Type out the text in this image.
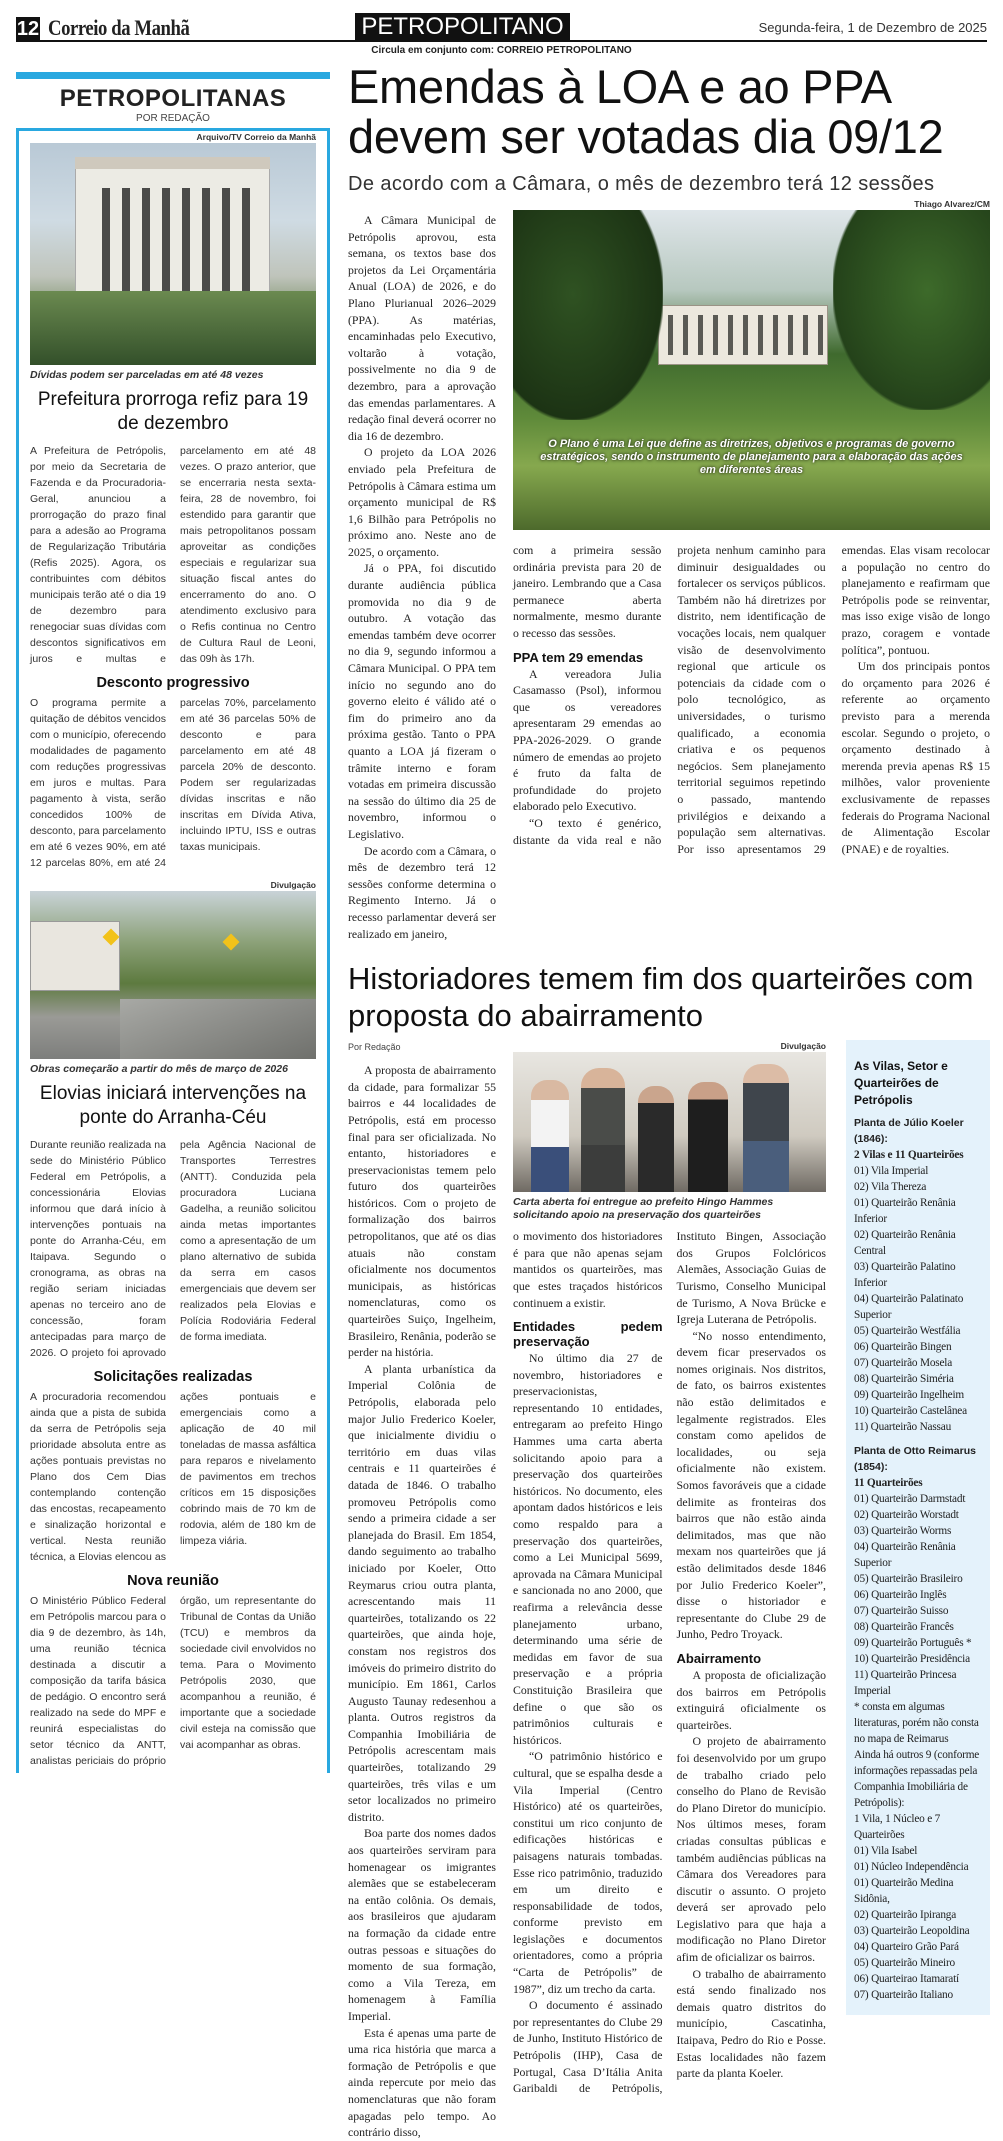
12 Correio da Manhã	PETROPOLITANO	Segunda-feira, 1 de Dezembro de 2025
Circula em conjunto com: CORREIO PETROPOLITANO
PETROPOLITANAS
POR REDAÇÃO
Arquivo/TV Correio da Manhã
Dívidas podem ser parceladas em até 48 vezes
Prefeitura prorroga refiz para 19 de dezembro

A Prefeitura de Petrópolis, por meio da Secretaria de Fazenda e da Procuradoria-Geral, anunciou a prorrogação do prazo final para a adesão ao Programa de Regularização Tributária (Refis 2025). Agora, os contribuintes com débitos municipais terão até o dia 19 de dezembro para renegociar suas dívidas com descontos significativos em juros e multas e parcelamento em até 48 vezes. O prazo anterior, que se encerraria nesta sexta-feira, 28 de novembro, foi estendido para garantir que mais petropolitanos possam aproveitar as condições especiais e regularizar sua situação fiscal antes do encerramento do ano. O atendimento exclusivo para o Refis continua no Centro de Cultura Raul de Leoni, das 09h às 17h.

Desconto progressivo

O programa permite a quitação de débitos vencidos com o município, oferecendo modalidades de pagamento com reduções progressivas em juros e multas. Para pagamento à vista, serão concedidos 100% de desconto, para parcelamento em até 6 vezes 90%, em até 12 parcelas 80%, em até 24 parcelas 70%, parcelamento em até 36 parcelas 50% de desconto e para parcelamento em até 48 parcela 20% de desconto. Podem ser regularizadas dívidas inscritas e não inscritas em Dívida Ativa, incluindo IPTU, ISS e outras taxas municipais.

Divulgação
Obras começarão a partir do mês de março de 2026
Elovias iniciará intervenções na ponte do Arranha-Céu

Durante reunião realizada na sede do Ministério Público Federal em Petrópolis, a concessionária Elovias informou que dará início à intervenções pontuais na ponte do Arranha-Céu, em Itaipava. Segundo o cronograma, as obras na região seriam iniciadas apenas no terceiro ano de concessão, foram antecipadas para março de 2026. O projeto foi aprovado pela Agência Nacional de Transportes Terrestres (ANTT). Conduzida pela procuradora Luciana Gadelha, a reunião solicitou ainda metas importantes como a apresentação de um plano alternativo de subida da serra em casos emergenciais que devem ser realizados pela Elovias e Polícia Rodoviária Federal de forma imediata.

Solicitações realizadas

A procuradoria recomendou ainda que a pista de subida da serra de Petrópolis seja prioridade absoluta entre as ações pontuais previstas no Plano dos Cem Dias contemplando contenção das encostas, recapeamento e sinalização horizontal e vertical. Nesta reunião técnica, a Elovias elencou as ações pontuais e emergenciais como a aplicação de 40 mil toneladas de massa asfáltica para reparos e nivelamento de pavimentos em trechos críticos em 15 disposições cobrindo mais de 70 km de rodovia, além de 180 km de limpeza viária.

Nova reunião

O Ministério Público Federal em Petrópolis marcou para o dia 9 de dezembro, às 14h, uma reunião técnica destinada a discutir a composição da tarifa básica de pedágio. O encontro será realizado na sede do MPF e reunirá especialistas do setor técnico da ANTT, analistas periciais do próprio órgão, um representante do Tribunal de Contas da União (TCU) e membros da sociedade civil envolvidos no tema. Para o Movimento Petrópolis 2030, que acompanhou a reunião, é importante que a sociedade civil esteja na comissão que vai acompanhar as obras.

Emendas à LOA e ao PPA devem ser votadas dia 09/12
De acordo com a Câmara, o mês de dezembro terá 12 sessões

A Câmara Municipal de Petrópolis aprovou, esta semana, os textos base dos projetos da Lei Orçamentária Anual (LOA) de 2026, e do Plano Plurianual 2026–2029 (PPA). As matérias, encaminhadas pelo Executivo, voltarão à votação, possivelmente no dia 9 de dezembro, para a aprovação das emendas parlamentares. A redação final deverá ocorrer no dia 16 de dezembro.

O projeto da LOA 2026 enviado pela Prefeitura de Petrópolis à Câmara estima um orçamento municipal de R$ 1,6 Bilhão para Petrópolis no próximo ano. Neste ano de 2025, o orçamento.

Já o PPA, foi discutido durante audiência pública promovida no dia 9 de outubro. A votação das emendas também deve ocorrer no dia 9, segundo informou a Câmara Municipal. O PPA tem início no segundo ano do governo eleito é válido até o fim do primeiro ano da próxima gestão. Tanto o PPA quanto a LOA já fizeram o trâmite interno e foram votadas em primeira discussão na sessão do último dia 25 de novembro, informou o Legislativo.

De acordo com a Câmara, o mês de dezembro terá 12 sessões conforme determina o Regimento Interno. Já o recesso parlamentar deverá ser realizado em janeiro,

Thiago Alvarez/CM
O Plano é uma Lei que define as diretrizes, objetivos e programas de governo estratégicos, sendo o instrumento de planejamento para a elaboração das ações em diferentes áreas

com a primeira sessão ordinária prevista para 20 de janeiro. Lembrando que a Casa permanece aberta normalmente, mesmo durante o recesso das sessões.

PPA tem 29 emendas

A vereadora Julia Casamasso (Psol), informou que os vereadores apresentaram 29 emendas ao PPA-2026-2029. O grande número de emendas ao projeto é fruto da falta de profundidade do projeto elaborado pelo Executivo.

“O texto é genérico, distante da vida real e não projeta nenhum caminho para diminuir desigualdades ou fortalecer os serviços públicos. Também não há diretrizes por distrito, nem identificação de vocações locais, nem qualquer visão de desenvolvimento regional que articule os potenciais da cidade com o polo tecnológico, as universidades, o turismo qualificado, a economia criativa e os pequenos negócios. Sem planejamento territorial seguimos repetindo o passado, mantendo privilégios e deixando a população sem alternativas. Por isso apresentamos 29 emendas. Elas visam recolocar a população no centro do planejamento e reafirmam que Petrópolis pode se reinventar, mas isso exige visão de longo prazo, coragem e vontade política”, pontuou.

Um dos principais pontos do orçamento para 2026 é referente ao orçamento previsto para a merenda escolar. Segundo o projeto, o orçamento destinado à merenda previa apenas R$ 15 milhões, valor proveniente exclusivamente de repasses federais do Programa Nacional de Alimentação Escolar (PNAE) e de royalties.

Historiadores temem fim dos quarteirões com proposta do abairramento
Por Redação

A proposta de abairramento da cidade, para formalizar 55 bairros e 44 localidades de Petrópolis, está em processo final para ser oficializada. No entanto, historiadores e preservacionistas temem pelo futuro dos quarteirões históricos. Com o projeto de formalização dos bairros petropolitanos, que até os dias atuais não constam oficialmente nos documentos municipais, as históricas nomenclaturas, como os quarteirões Suiço, Ingelheim, Brasileiro, Renânia, poderão se perder na história.

A planta urbanística da Imperial Colônia de Petrópolis, elaborada pelo major Julio Frederico Koeler, que inicialmente dividiu o território em duas vilas centrais e 11 quarteirões é datada de 1846. O trabalho promoveu Petrópolis como sendo a primeira cidade a ser planejada do Brasil. Em 1854, dando seguimento ao trabalho iniciado por Koeler, Otto Reymarus criou outra planta, acrescentando mais 11 quarteirões, totalizando os 22 quarteirões, que ainda hoje, constam nos registros dos imóveis do primeiro distrito do município. Em 1861, Carlos Augusto Taunay redesenhou a planta. Outros registros da Companhia Imobiliária de Petrópolis acrescentam mais quarteirões, totalizando 29 quarteirões, três vilas e um setor localizados no primeiro distrito.

Boa parte dos nomes dados aos quarteirões serviram para homenagear os imigrantes alemães que se estabeleceram na então colônia. Os demais, aos brasileiros que ajudaram na formação da cidade entre outras pessoas e situações do momento de sua formação, como a Vila Tereza, em homenagem à Família Imperial.

Esta é apenas uma parte de uma rica história que marca a formação de Petrópolis e que ainda repercute por meio das nomenclaturas que não foram apagadas pelo tempo. Ao contrário disso,

Divulgação
Carta aberta foi entregue ao prefeito Hingo Hammes solicitando apoio na preservação dos quarteirões

o movimento dos historiadores é para que não apenas sejam mantidos os quarteirões, mas que estes traçados históricos continuem a existir.

Entidades pedem preservação

No último dia 27 de novembro, historiadores e preservacionistas, representando 10 entidades, entregaram ao prefeito Hingo Hammes uma carta aberta solicitando apoio para a preservação dos quarteirões históricos. No documento, eles apontam dados históricos e leis como respaldo para a preservação dos quarteirões, como a Lei Municipal 5699, aprovada na Câmara Municipal e sancionada no ano 2000, que reafirma a relevância desse planejamento urbano, determinando uma série de medidas em favor de sua preservação e a própria Constituição Brasileira que define o que são os patrimônios culturais e históricos.

“O patrimônio histórico e cultural, que se espalha desde a Vila Imperial (Centro Histórico) até os quarteirões, constitui um rico conjunto de edificações históricas e paisagens naturais tombadas. Esse rico patrimônio, traduzido em um direito e responsabilidade de todos, conforme previsto em legislações e documentos orientadores, como a própria “Carta de Petrópolis” de 1987”, diz um trecho da carta.

O documento é assinado por representantes do Clube 29 de Junho, Instituto Histórico de Petrópolis (IHP), Casa de Portugal, Casa D’Itália Anita Garibaldi de Petrópolis, Instituto Bingen, Associação dos Grupos Folclóricos Alemães, Associação Guias de Turismo, Conselho Municipal de Turismo, A Nova Brücke e Igreja Luterana de Petrópolis.

“No nosso entendimento, devem ficar preservados os nomes originais. Nos distritos, de fato, os bairros existentes não estão delimitados e legalmente registrados. Eles constam como apelidos de localidades, ou seja oficialmente não existem. Somos favoráveis que a cidade delimite as fronteiras dos bairros que não estão ainda delimitados, mas que não mexam nos quarteirões que já estão delimitados desde 1846 por Julio Frederico Koeler”, disse o historiador e representante do Clube 29 de Junho, Pedro Troyack.

Abairramento

A proposta de oficialização dos bairros em Petrópolis extinguirá oficialmente os quarteirões.

O projeto de abairramento foi desenvolvido por um grupo de trabalho criado pelo conselho do Plano de Revisão do Plano Diretor do município. Nos últimos meses, foram criadas consultas públicas e também audiências públicas na Câmara dos Vereadores para discutir o assunto. O projeto deverá ser aprovado pelo Legislativo para que haja a modificação no Plano Diretor afim de oficializar os bairros.

O trabalho de abairramento está sendo finalizado nos demais quatro distritos do município, Cascatinha, Itaipava, Pedro do Rio e Posse. Estas localidades não fazem parte da planta Koeler.

As Vilas, Setor e Quarteirões de Petrópolis
Planta de Júlio Koeler (1846):
2 Vilas e 11 Quarteirões
01) Vila Imperial
02) Vila Thereza
01) Quarteirão Renânia Inferior
02) Quarteirão Renânia Central
03) Quarteirão Palatino Inferior
04) Quarteirão Palatinato Superior
05) Quarteirão Westfália
06) Quarteirão Bingen
07) Quarteirão Mosela
08) Quarteirão Siméria
09) Quarteirão Ingelheim
10) Quarteirão Castelânea
11) Quarteirão Nassau
Planta de Otto Reimarus (1854):
11 Quarteirões
01) Quarteirão Darmstadt
02) Quarteirão Worstadt
03) Quarteirão Worms
04) Quarteirão Renânia Superior
05) Quarteirão Brasileiro
06) Quarteirão Inglês
07) Quarteirão Suisso
08) Quarteirão Francês
09) Quarteirão Português *
10) Quarteirão Presidência
11) Quarteirão Princesa Imperial
* consta em algumas literaturas, porém não consta no mapa de Reimarus
Ainda há outros 9 (conforme informações repassadas pela Companhia Imobiliária de Petrópolis):
1 Vila, 1 Núcleo e 7 Quarteirões
01) Vila Isabel
01) Núcleo Independência
01) Quarteirão Medina Sidônia,
02) Quarteirão Ipiranga
03) Quarteirão Leopoldina
04) Quarteiro Grão Pará
05) Quarteirão Mineiro
06) Quarteirao Itamaratí
07) Quarteirão Italiano
